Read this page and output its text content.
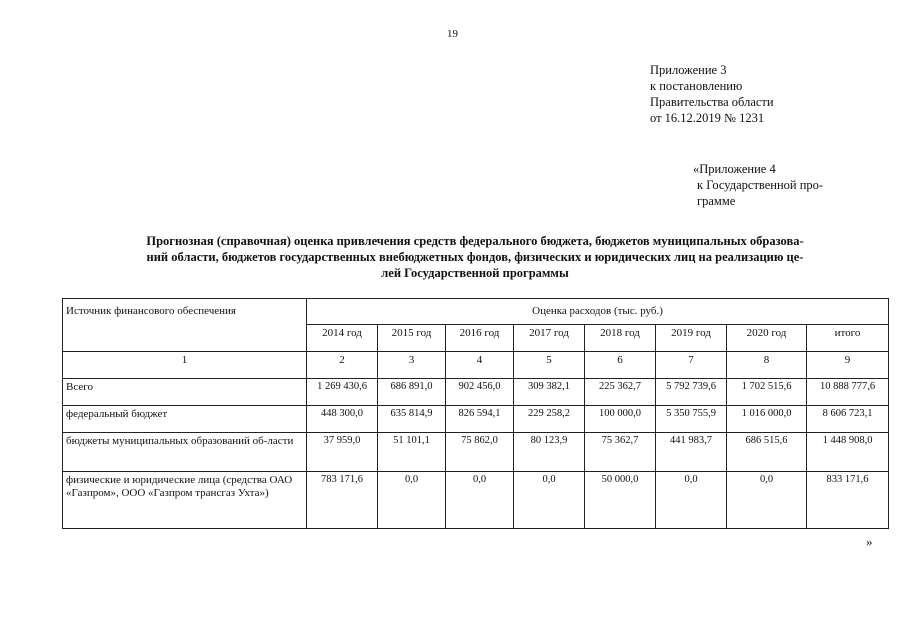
19
Приложение 3
к постановлению
Правительства области
от 16.12.2019 № 1231
«Приложение 4
к Государственной про-
грамме
Прогнозная (справочная) оценка привлечения средств федерального бюджета, бюджетов муниципальных образова-
ний области, бюджетов государственных внебюджетных фондов, физических и юридических лиц на реализацию це-
лей Государственной программы
Источник финансового обеспечения	Оценка расходов (тыс. руб.)							
	2014 год	2015 год	2016 год	2017 год	2018 год	2019 год	2020 год	итого
1	2	3	4	5	6	7	8	9
Всего	1 269 430,6	686 891,0	902 456,0	309 382,1	225 362,7	5 792 739,6	1 702 515,6	10 888 777,6
федеральный бюджет	448 300,0	635 814,9	826 594,1	229 258,2	100 000,0	5 350 755,9	1 016 000,0	8 606 723,1
бюджеты муниципальных образований об-ласти	37 959,0	51 101,1	75 862,0	80 123,9	75 362,7	441 983,7	686 515,6	1 448 908,0
физические и юридические лица (средства ОАО «Газпром», ООО «Газпром трансгаз Ухта»)	783 171,6	0,0	0,0	0,0	50 000,0	0,0	0,0	833 171,6
»
